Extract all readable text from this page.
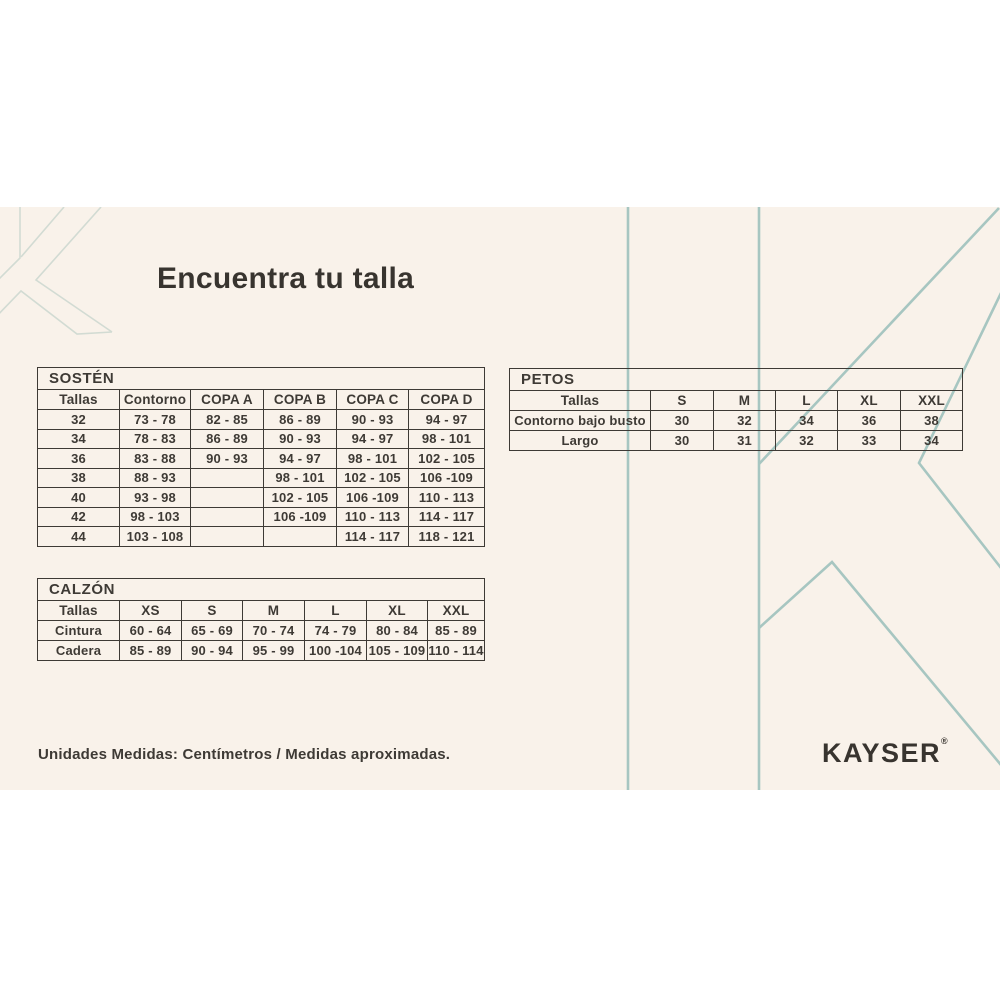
Encuentra tu talla
SOSTÉN					
Tallas	Contorno	COPA A	COPA B	COPA C	COPA D
32	73 - 78	82 - 85	86 - 89	90 - 93	94 - 97
34	78 - 83	86 - 89	90 - 93	94 - 97	98 - 101
36	83 - 88	90 - 93	94 - 97	98 - 101	102 - 105
38	88 - 93		98 - 101	102 - 105	106 -109
40	93 - 98		102 - 105	106 -109	110 - 113
42	98 - 103		106 -109	110 - 113	114 - 117
44	103 - 108			114 - 117	118 - 121
PETOS					
Tallas	S	M	L	XL	XXL
Contorno bajo busto	30	32	34	36	38
Largo	30	31	32	33	34
CALZÓN						
Tallas	XS	S	M	L	XL	XXL
Cintura	60 - 64	65 - 69	70 - 74	74 - 79	80 - 84	85 - 89
Cadera	85 - 89	90 - 94	95 - 99	100 -104	105 - 109	110 - 114
Unidades Medidas: Centímetros / Medidas aproximadas.	KAYSER®
